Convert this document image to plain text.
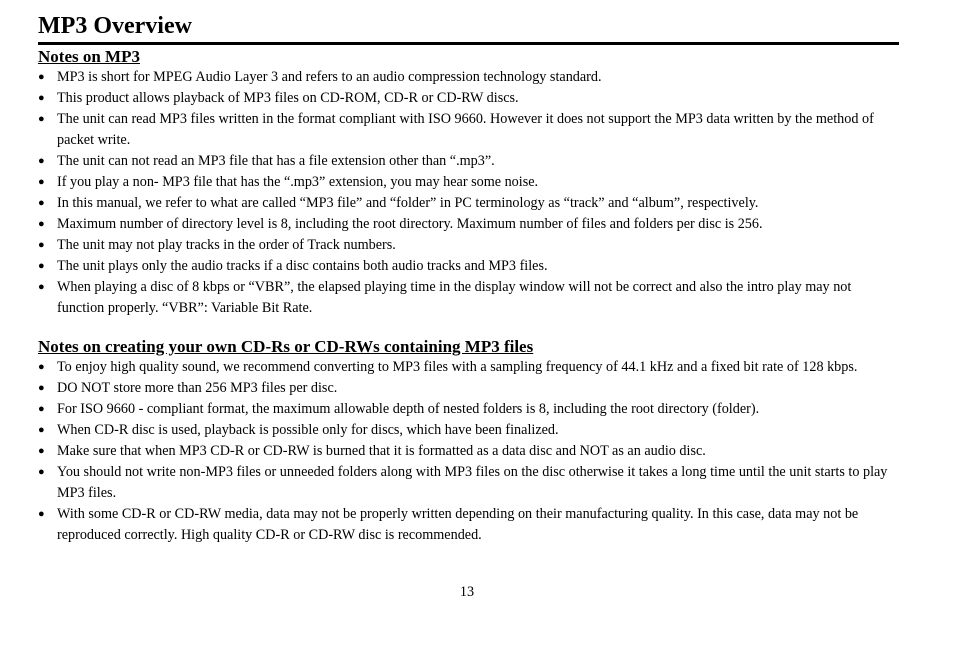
MP3 Overview
Notes on MP3
● MP3 is short for MPEG Audio Layer 3 and refers to an audio compression technology standard.
● This product allows playback of MP3 files on CD-ROM, CD-R or CD-RW discs.
● The unit can read MP3 files written in the format compliant with ISO 9660. However it does not support the MP3 data written by the method of packet write.
● The unit can not read an MP3 file that has a file extension other than “.mp3”.
● If you play a non- MP3 file that has the “.mp3” extension, you may hear some noise.
● In this manual, we refer to what are called “MP3 file” and “folder” in PC terminology as “track” and “album”, respectively.
● Maximum number of directory level is 8, including the root directory. Maximum number of files and folders per disc is 256.
● The unit may not play tracks in the order of Track numbers.
● The unit plays only the audio tracks if a disc contains both audio tracks and MP3 files.
● When playing a disc of 8 kbps or “VBR”, the elapsed playing time in the display window will not be correct and also the intro play may not function properly. “VBR”: Variable Bit Rate.
Notes on creating your own CD-Rs or CD-RWs containing MP3 files
● To enjoy high quality sound, we recommend converting to MP3 files with a sampling frequency of 44.1 kHz and a fixed bit rate of 128 kbps.
● DO NOT store more than 256 MP3 files per disc.
● For ISO 9660 - compliant format, the maximum allowable depth of nested folders is 8, including the root directory (folder).
● When CD-R disc is used, playback is possible only for discs, which have been finalized.
● Make sure that when MP3 CD-R or CD-RW is burned that it is formatted as a data disc and NOT as an audio disc.
● You should not write non-MP3 files or unneeded folders along with MP3 files on the disc otherwise it takes a long time until the unit starts to play MP3 files.
● With some CD-R or CD-RW media, data may not be properly written depending on their manufacturing quality. In this case, data may not be reproduced correctly. High quality CD-R or CD-RW disc is recommended.
13
